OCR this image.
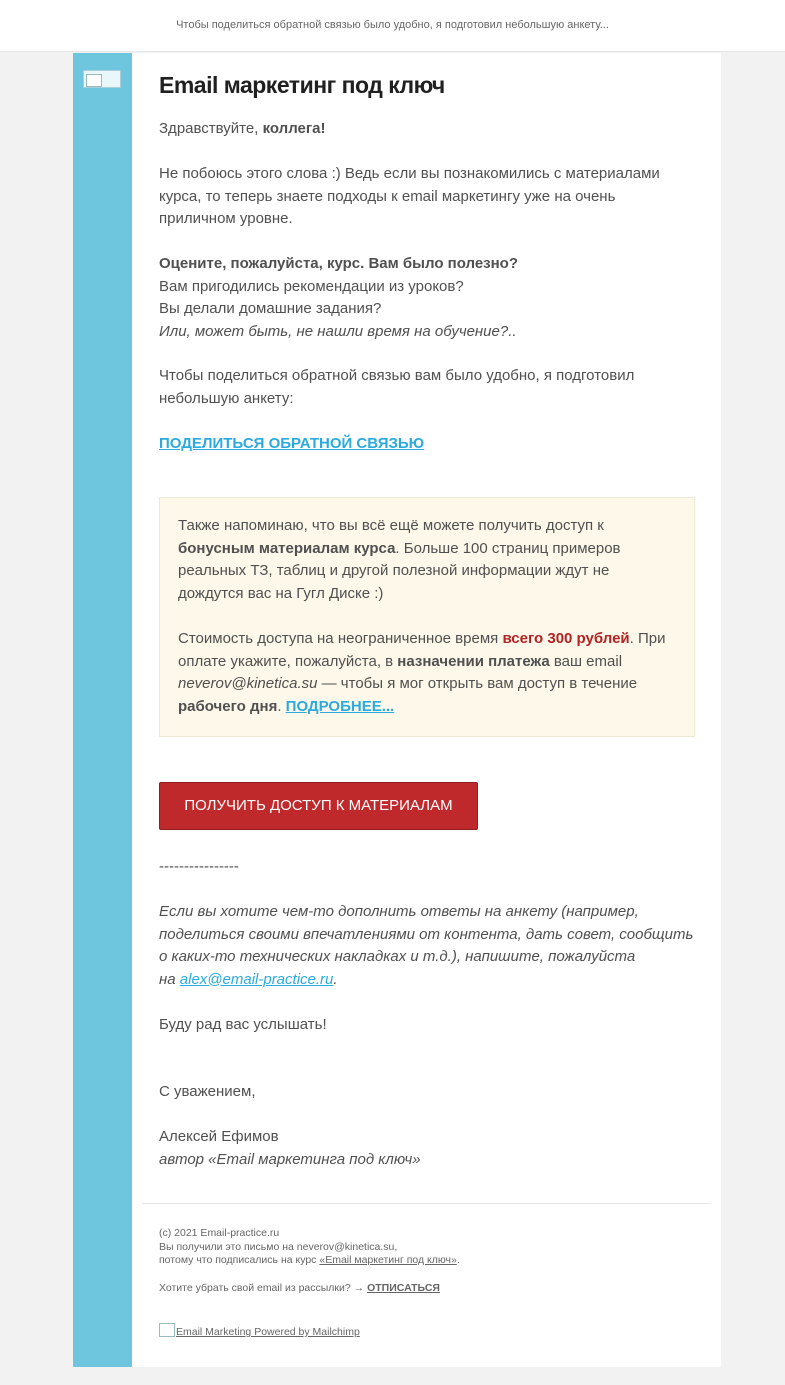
Чтобы поделиться обратной связью было удобно, я подготовил небольшую анкету...
Email маркетинг под ключ
Здравствуйте, коллега!
Не побоюсь этого слова :) Ведь если вы познакомились с материалами
курса, то теперь знаете подходы к email маркетингу уже на очень
приличном уровне.
Оцените, пожалуйста, курс. Вам было полезно?
Вам пригодились рекомендации из уроков?
Вы делали домашние задания?
Или, может быть, не нашли время на обучение?..
Чтобы поделиться обратной связью вам было удобно, я подготовил
небольшую анкету:
ПОДЕЛИТЬСЯ ОБРАТНОЙ СВЯЗЬЮ
Также напоминаю, что вы всё ещё можете получить доступ к
бонусным материалам курса. Больше 100 страниц примеров
реальных ТЗ, таблиц и другой полезной информации ждут не
дождутся вас на Гугл Диске :)
Стоимость доступа на неограниченное время всего 300 рублей. При
оплате укажите, пожалуйста, в назначении платежа ваш email
neverov@kinetica.su — чтобы я мог открыть вам доступ в течение
рабочего дня. ПОДРОБНЕЕ...
ПОЛУЧИТЬ ДОСТУП К МАТЕРИАЛАМ
----------------
Если вы хотите чем-то дополнить ответы на анкету (например,
поделиться своими впечатлениями от контента, дать совет, сообщить
о каких-то технических накладках и т.д.), напишите, пожалуйста
на alex@email-practice.ru.
Буду рад вас услышать!
С уважением,
Алексей Ефимов
автор «Email маркетинга под ключ»
(c) 2021 Email-practice.ru
Вы получили это письмо на neverov@kinetica.su,
потому что подписались на курс «Email маркетинг под ключ».
Хотите убрать свой email из рассылки? → ОТПИСАТЬСЯ
Email Marketing Powered by Mailchimp
